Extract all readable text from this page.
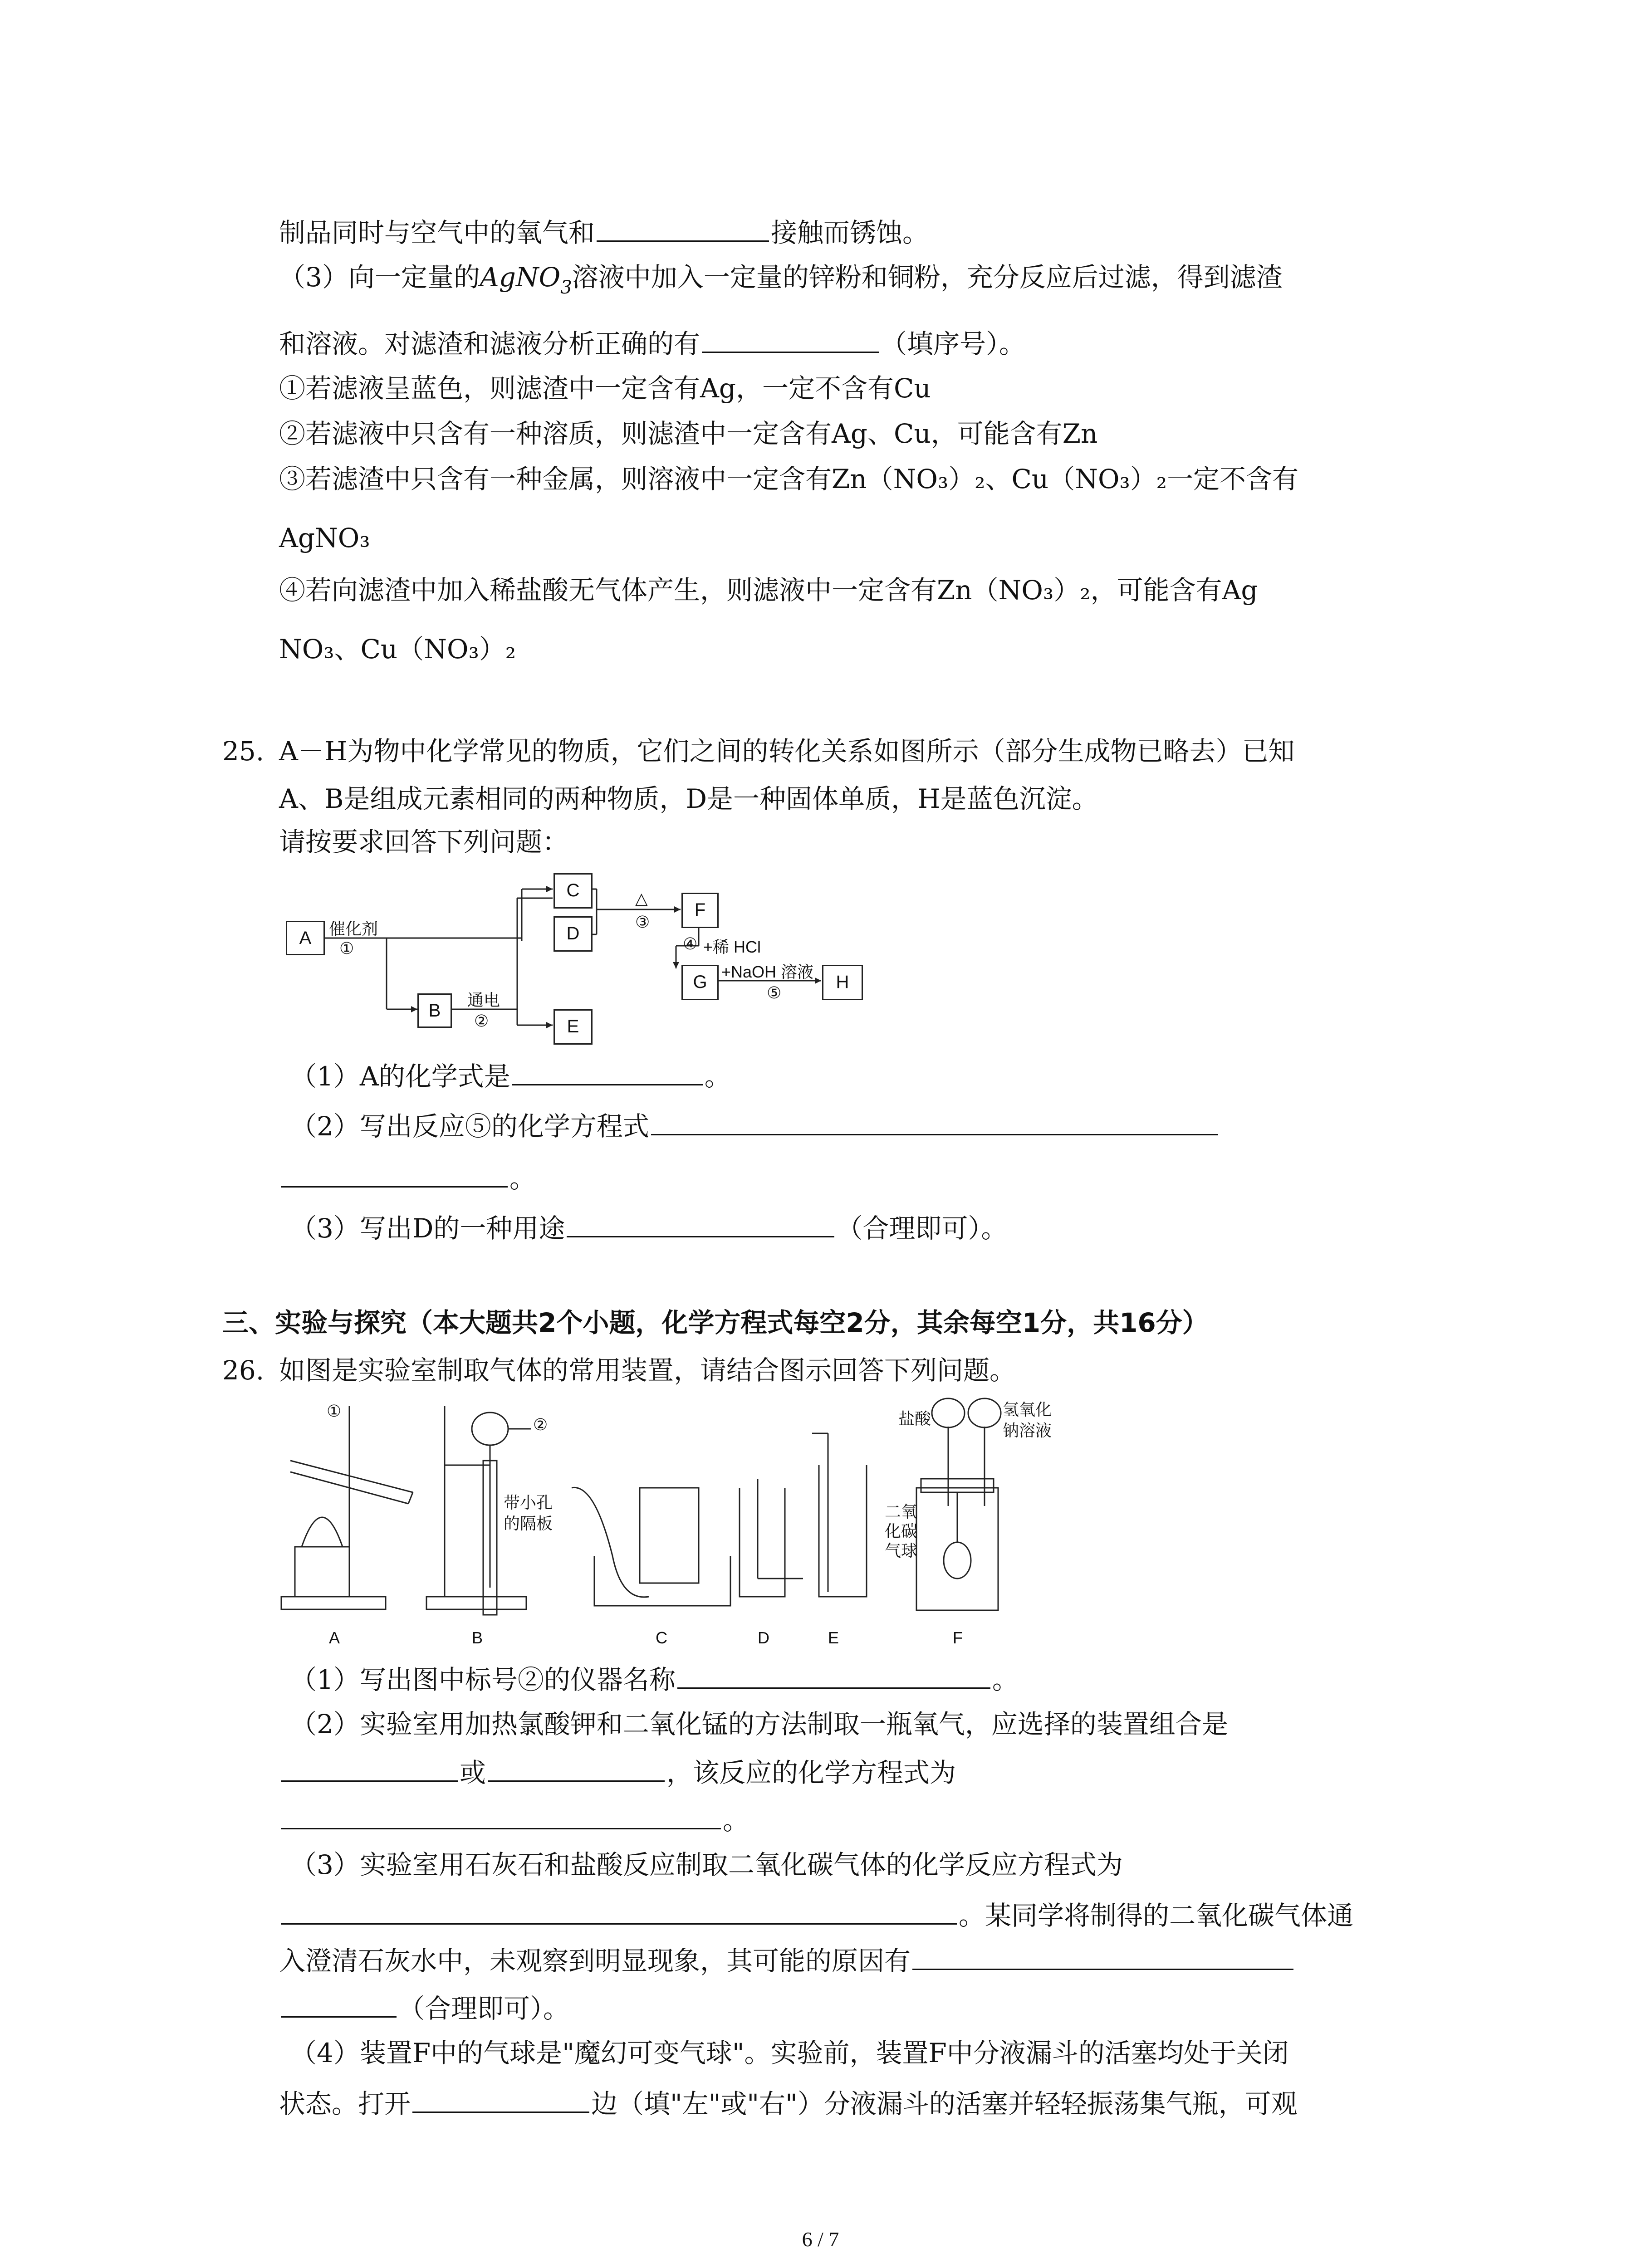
制品同时与空气中的氧气和	接触而锈蚀。
（3）向一定量的AgNO$_3$溶液中加入一定量的锌粉和铜粉，充分反应后过滤，得到滤渣
和溶液。对滤渣和滤液分析正确的有	（填序号）。
①若滤液呈蓝色，则滤渣中一定含有Ag，一定不含有Cu
②若滤液中只含有一种溶质，则滤渣中一定含有Ag、Cu，可能含有Zn
③若滤渣中只含有一种金属，则溶液中一定含有Zn（NO₃）₂、Cu（NO₃）₂一定不含有
AgNO₃
④若向滤渣中加入稀盐酸无气体产生，则滤液中一定含有Zn（NO₃）₂，可能含有Ag
NO₃、Cu（NO₃）₂
25. A－H为物中化学常见的物质，它们之间的转化关系如图所示（部分生成物已略去）已知
A、B是组成元素相同的两种物质，D是一种固体单质，H是蓝色沉淀。
请按要求回答下列问题：
A
B
C
D
E
F
G	H
催化剂
①
通电
②
△
③
④ +稀 HCl
+NaOH 溶液
⑤
（1）A的化学式是	。
（2）写出反应⑤的化学方程式
。
（3）写出D的一种用途	（合理即可）。
三、实验与探究（本大题共2个小题，化学方程式每空2分，其余每空1分，共16分）
26. 如图是实验室制取气体的常用装置，请结合图示回答下列问题。
①
②
带小孔
的隔板
盐酸	氢氧化
钠溶液
二氧
化碳
气球
A	B	C	D	E	F
（1）写出图中标号②的仪器名称	。
（2）实验室用加热氯酸钾和二氧化锰的方法制取一瓶氧气，应选择的装置组合是
或	，该反应的化学方程式为
。
（3）实验室用石灰石和盐酸反应制取二氧化碳气体的化学反应方程式为
。某同学将制得的二氧化碳气体通
入澄清石灰水中，未观察到明显现象，其可能的原因有
（合理即可）。
（4）装置F中的气球是"魔幻可变气球"。实验前，装置F中分液漏斗的活塞均处于关闭
状态。打开	边（填"左"或"右"）分液漏斗的活塞并轻轻振荡集气瓶，可观
6 / 7
